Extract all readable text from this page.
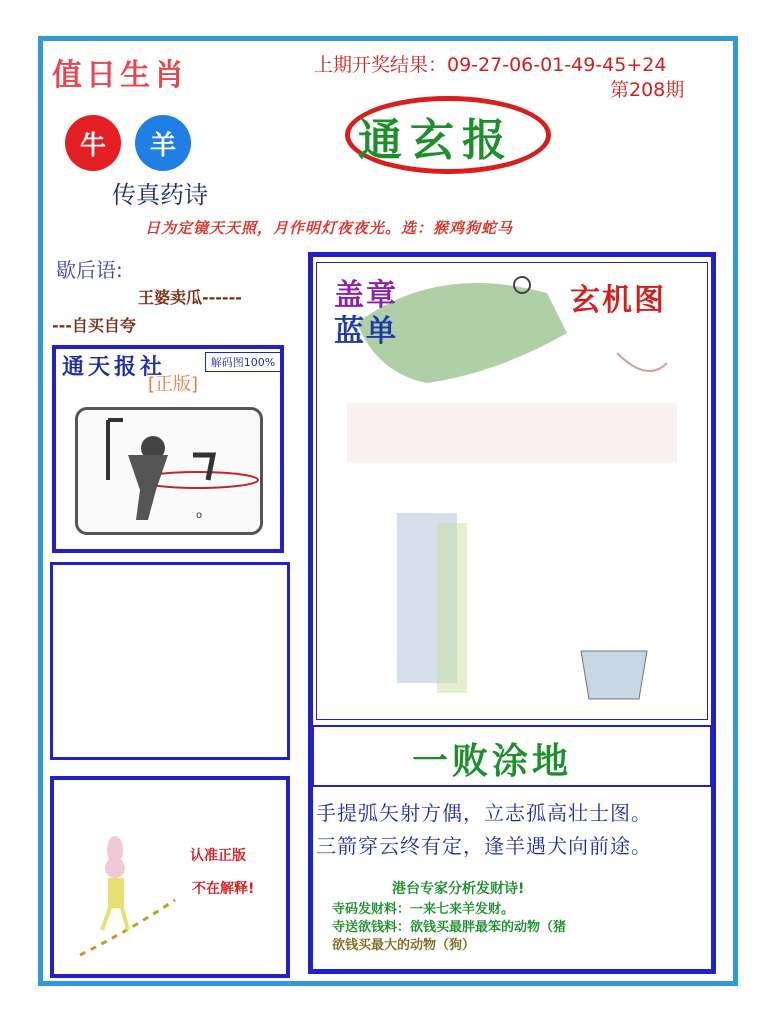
值日生肖	上期开奖结果：09-27-06-01-49-45+24
第208期
通玄报
牛	羊
传真药诗
日为定镜天天照，月作明灯夜夜光。选：猴鸡狗蛇马
歇后语:
王婆卖瓜------
---自买自夸
通天报社	解码图100%
[正版]
o
认准正版
不在解释!
盖章
蓝单
玄机图
一败涂地
手提弧矢射方偶，立志孤高壮士图。
三箭穿云终有定，逢羊遇犬向前途。
港台专家分析发财诗!
寺码发财料：一来七来羊发财。
寺送欲钱料：欲钱买最胖最笨的动物（猪
欲钱买最大的动物（狗）
